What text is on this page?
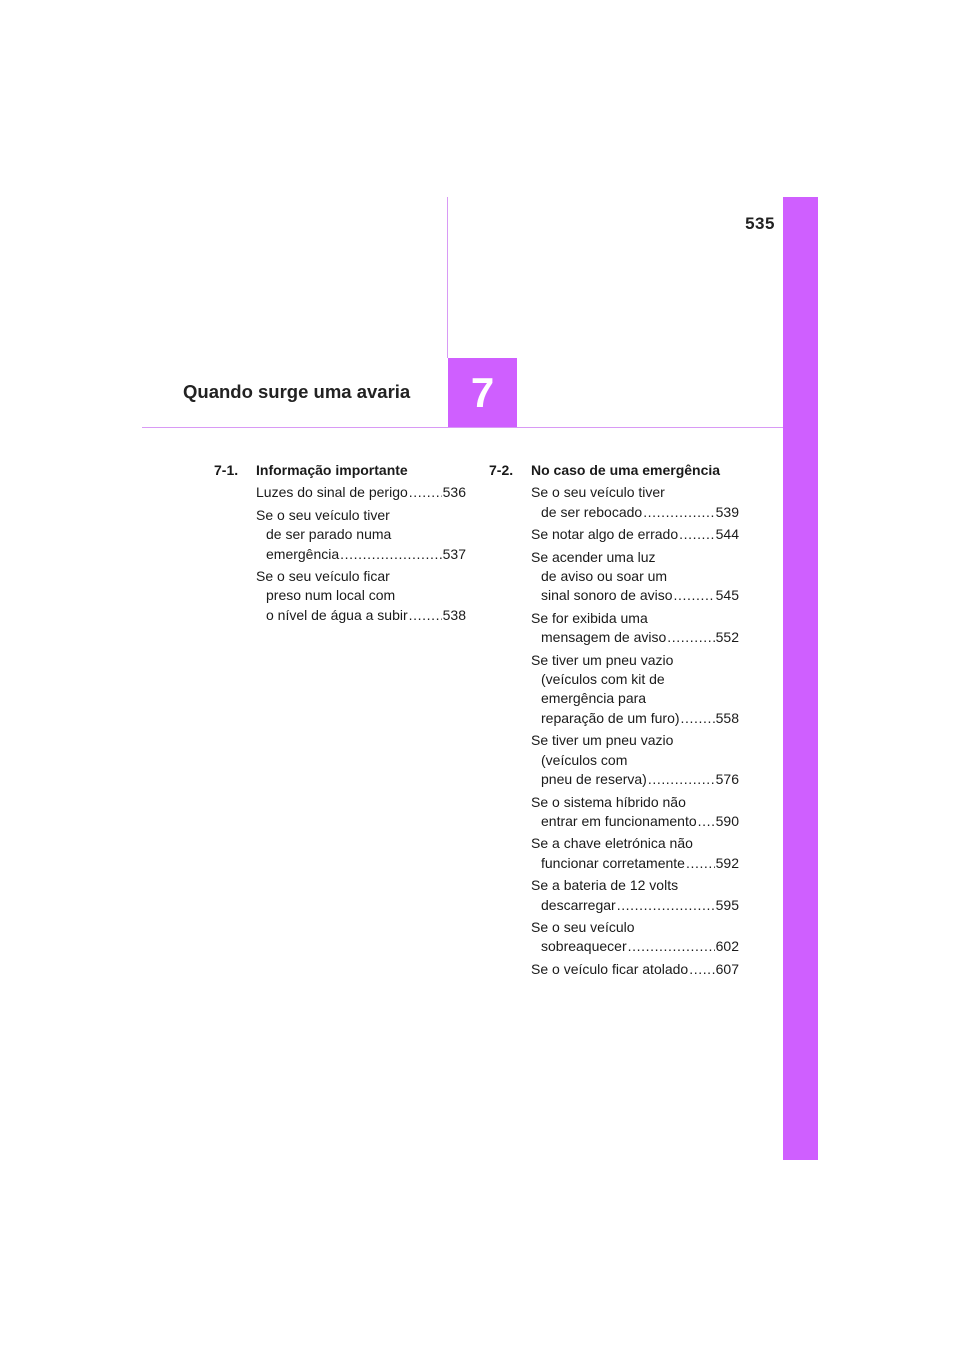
535
7
Quando surge uma avaria
7-1.	Informação importante
Luzes do sinal de perigo ..... 536
Se o seu veículo tiver
de ser parado numa
emergência .....	537
Se o seu veículo ficar
preso num local com
o nível de água a subir ..... 538
7-2.	No caso de uma emergência
Se o seu veículo tiver
de ser rebocado .....	539
Se notar algo de errado .....	544
Se acender uma luz
de aviso ou soar um
sinal sonoro de aviso .....	545
Se for exibida uma
mensagem de aviso .....	552
Se tiver um pneu vazio
(veículos com kit de
emergência para
reparação de um furo) .....	558
Se tiver um pneu vazio
(veículos com
pneu de reserva) .....	576
Se o sistema híbrido não
entrar em funcionamento ..... 590
Se a chave eletrónica não
funcionar corretamente ..... 592
Se a bateria de 12 volts
descarregar .....	595
Se o seu veículo
sobreaquecer .....	602
Se o veículo ficar atolado ..... 607
